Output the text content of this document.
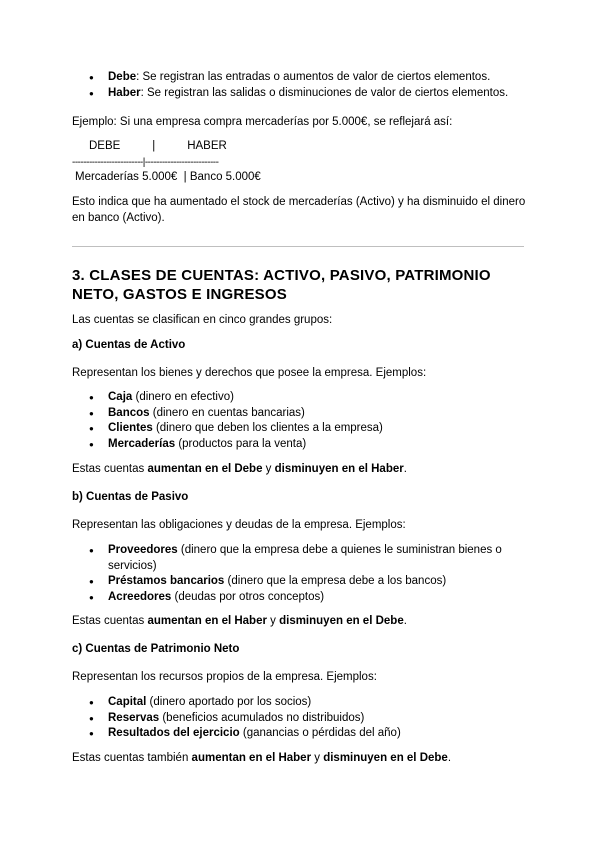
● Debe: Se registran las entradas o aumentos de valor de ciertos elementos.
● Haber: Se registran las salidas o disminuciones de valor de ciertos elementos.
Ejemplo: Si una empresa compra mercaderías por 5.000€, se reflejará así:
DEBE          |          HABER
-------------------------|--------------------------
Mercaderías 5.000€  | Banco 5.000€
Esto indica que ha aumentado el stock de mercaderías (Activo) y ha disminuido el dinero en banco (Activo).
3. CLASES DE CUENTAS: ACTIVO, PASIVO, PATRIMONIO NETO, GASTOS E INGRESOS
Las cuentas se clasifican en cinco grandes grupos:
a) Cuentas de Activo
Representan los bienes y derechos que posee la empresa. Ejemplos:
● Caja (dinero en efectivo)
● Bancos (dinero en cuentas bancarias)
● Clientes (dinero que deben los clientes a la empresa)
● Mercaderías (productos para la venta)
Estas cuentas aumentan en el Debe y disminuyen en el Haber.
b) Cuentas de Pasivo
Representan las obligaciones y deudas de la empresa. Ejemplos:
● Proveedores (dinero que la empresa debe a quienes le suministran bienes o servicios)
● Préstamos bancarios (dinero que la empresa debe a los bancos)
● Acreedores (deudas por otros conceptos)
Estas cuentas aumentan en el Haber y disminuyen en el Debe.
c) Cuentas de Patrimonio Neto
Representan los recursos propios de la empresa. Ejemplos:
● Capital (dinero aportado por los socios)
● Reservas (beneficios acumulados no distribuidos)
● Resultados del ejercicio (ganancias o pérdidas del año)
Estas cuentas también aumentan en el Haber y disminuyen en el Debe.
